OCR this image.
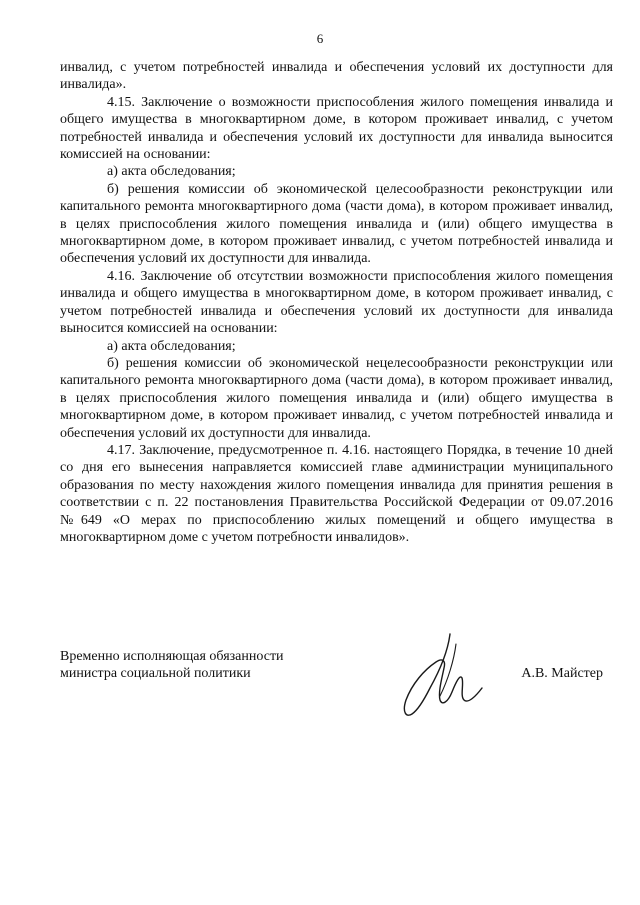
6

инвалид, с учетом потребностей инвалида и обеспечения условий их доступности для инвалида».

4.15. Заключение о возможности приспособления жилого помещения инвалида и общего имущества в многоквартирном доме, в котором проживает инвалид, с учетом потребностей инвалида и обеспечения условий их доступности для инвалида выносится комиссией на основании:

а) акта обследования;

б) решения комиссии об экономической целесообразности реконструкции или капитального ремонта многоквартирного дома (части дома), в котором проживает инвалид, в целях приспособления жилого помещения инвалида и (или) общего имущества в многоквартирном доме, в котором проживает инвалид, с учетом потребностей инвалида и обеспечения условий их доступности для инвалида.

4.16. Заключение об отсутствии возможности приспособления жилого помещения инвалида и общего имущества в многоквартирном доме, в котором проживает инвалид, с учетом потребностей инвалида и обеспечения условий их доступности для инвалида выносится комиссией на основании:

а) акта обследования;

б) решения комиссии об экономической нецелесообразности реконструкции или капитального ремонта многоквартирного дома (части дома), в котором проживает инвалид, в целях приспособления жилого помещения инвалида и (или) общего имущества в многоквартирном доме, в котором проживает инвалид, с учетом потребностей инвалида и обеспечения условий их доступности для инвалида.

4.17. Заключение, предусмотренное п. 4.16. настоящего Порядка, в течение 10 дней со дня его вынесения направляется комиссией главе администрации муниципального образования по месту нахождения жилого помещения инвалида для принятия решения в соответствии с п. 22 постановления Правительства Российской Федерации от 09.07.2016 №649 «О мерах по приспособлению жилых помещений и общего имущества в многоквартирном доме с учетом потребности инвалидов».

Временно исполняющая обязанности
министра социальной политики	А.В. Майстер
